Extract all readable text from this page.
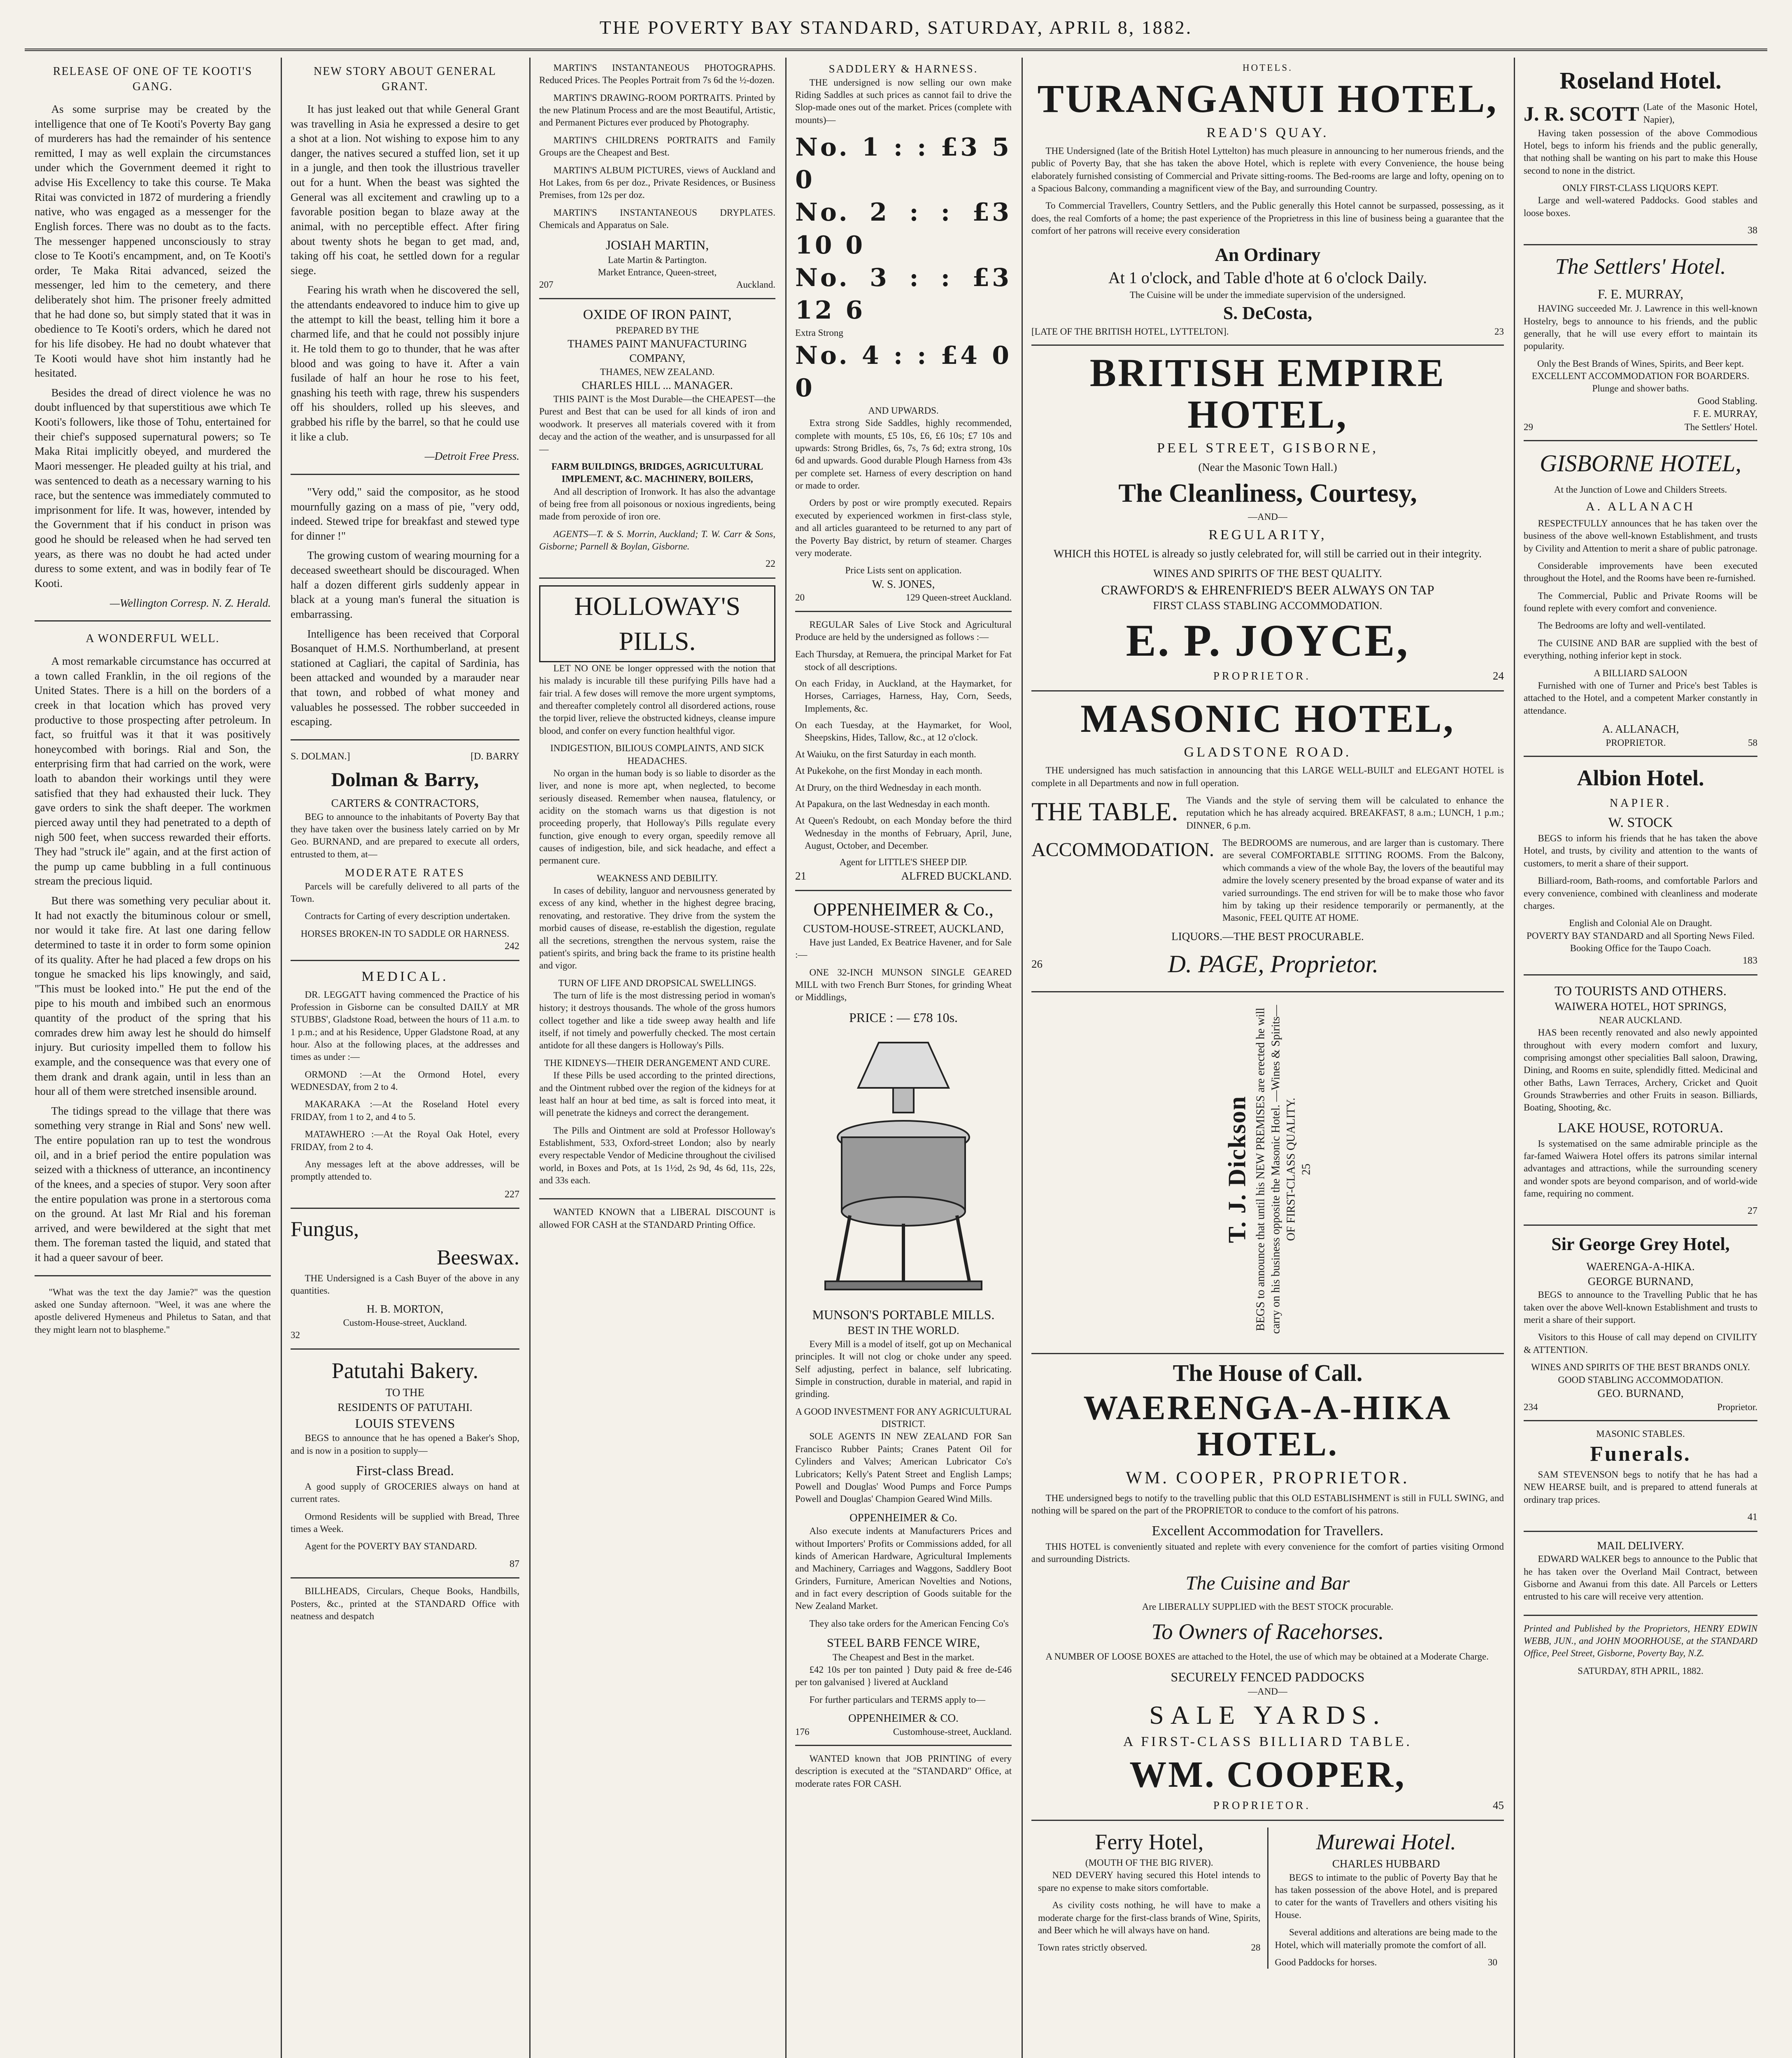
THE POVERTY BAY STANDARD, SATURDAY, APRIL 8, 1882.
RELEASE OF ONE OF TE KOOTI'S GANG.

As some surprise may be created by the intelligence that one of Te Kooti's Poverty Bay gang of murderers has had the remainder of his sentence remitted, I may as well explain the circumstances under which the Government deemed it right to advise His Excellency to take this course. Te Maka Ritai was convicted in 1872 of murdering a friendly native, who was engaged as a messenger for the English forces. There was no doubt as to the facts. The messenger happened unconsciously to stray close to Te Kooti's encampment, and, on Te Kooti's order, Te Maka Ritai advanced, seized the messenger, led him to the cemetery, and there deliberately shot him. The prisoner freely admitted that he had done so, but simply stated that it was in obedience to Te Kooti's orders, which he dared not for his life disobey. He had no doubt whatever that Te Kooti would have shot him instantly had he hesitated.

Besides the dread of direct violence he was no doubt influenced by that superstitious awe which Te Kooti's followers, like those of Tohu, entertained for their chief's supposed supernatural powers; so Te Maka Ritai implicitly obeyed, and murdered the Maori messenger. He pleaded guilty at his trial, and was sentenced to death as a necessary warning to his race, but the sentence was immediately commuted to imprisonment for life. It was, however, intended by the Government that if his conduct in prison was good he should be released when he had served ten years, as there was no doubt he had acted under duress to some extent, and was in bodily fear of Te Kooti.

—Wellington Corresp. N. Z. Herald.
A WONDERFUL WELL.

A most remarkable circumstance has occurred at a town called Franklin, in the oil regions of the United States. There is a hill on the borders of a creek in that location which has proved very productive to those prospecting after petroleum. In fact, so fruitful was it that it was positively honeycombed with borings. Rial and Son, the enterprising firm that had carried on the work, were loath to abandon their workings until they were satisfied that they had exhausted their luck. They gave orders to sink the shaft deeper. The workmen pierced away until they had penetrated to a depth of nigh 500 feet, when success rewarded their efforts. They had "struck ile" again, and at the first action of the pump up came bubbling in a full continuous stream the precious liquid.

But there was something very peculiar about it. It had not exactly the bituminous colour or smell, nor would it take fire. At last one daring fellow determined to taste it in order to form some opinion of its quality. After he had placed a few drops on his tongue he smacked his lips knowingly, and said, "This must be looked into." He put the end of the pipe to his mouth and imbibed such an enormous quantity of the product of the spring that his comrades drew him away lest he should do himself injury. But curiosity impelled them to follow his example, and the consequence was that every one of them drank and drank again, until in less than an hour all of them were stretched insensible around.

The tidings spread to the village that there was something very strange in Rial and Sons' new well. The entire population ran up to test the wondrous oil, and in a brief period the entire population was seized with a thickness of utterance, an incontinency of the knees, and a species of stupor. Very soon after the entire population was prone in a stertorous coma on the ground. At last Mr Rial and his foreman arrived, and were bewildered at the sight that met them. The foreman tasted the liquid, and stated that it had a queer savour of beer.

"What was the text the day Jamie?" was the question asked one Sunday afternoon. "Weel, it was ane where the apostle delivered Hymeneus and Philetus to Satan, and that they might learn not to blaspheme."

NEW STORY ABOUT GENERAL GRANT.

It has just leaked out that while General Grant was travelling in Asia he expressed a desire to get a shot at a lion. Not wishing to expose him to any danger, the natives secured a stuffed lion, set it up in a jungle, and then took the illustrious traveller out for a hunt. When the beast was sighted the General was all excitement and crawling up to a favorable position began to blaze away at the animal, with no perceptible effect. After firing about twenty shots he began to get mad, and, taking off his coat, he settled down for a regular siege.

Fearing his wrath when he discovered the sell, the attendants endeavored to induce him to give up the attempt to kill the beast, telling him it bore a charmed life, and that he could not possibly injure it. He told them to go to thunder, that he was after blood and was going to have it. After a vain fusilade of half an hour he rose to his feet, gnashing his teeth with rage, threw his suspenders off his shoulders, rolled up his sleeves, and grabbed his rifle by the barrel, so that he could use it like a club.

—Detroit Free Press.

"Very odd," said the compositor, as he stood mournfully gazing on a mass of pie, "very odd, indeed. Stewed tripe for breakfast and stewed type for dinner !"

The growing custom of wearing mourning for a deceased sweetheart should be discouraged. When half a dozen different girls suddenly appear in black at a young man's funeral the situation is embarrassing.

Intelligence has been received that Corporal Bosanquet of H.M.S. Northumberland, at present stationed at Cagliari, the capital of Sardinia, has been attacked and wounded by a marauder near that town, and robbed of what money and valuables he possessed. The robber succeeded in escaping.

S. DOLMAN.]	[D. BARRY
Dolman & Barry,
CARTERS & CONTRACTORS,

BEG to announce to the inhabitants of Poverty Bay that they have taken over the business lately carried on by Mr Geo. BURNAND, and are prepared to execute all orders, entrusted to them, at—

MODERATE RATES

Parcels will be carefully delivered to all parts of the Town.

Contracts for Carting of every description undertaken.

HORSES BROKEN-IN TO SADDLE OR HARNESS.
242
MEDICAL.

DR. LEGGATT having commenced the Practice of his Profession in Gisborne can be consulted DAILY at MR STUBBS', Gladstone Road, between the hours of 11 a.m. to 1 p.m.; and at his Residence, Upper Gladstone Road, at any hour. Also at the following places, at the addresses and times as under :—

ORMOND :—At the Ormond Hotel, every WEDNESDAY, from 2 to 4.

MAKARAKA :—At the Roseland Hotel every FRIDAY, from 1 to 2, and 4 to 5.

MATAWHERO :—At the Royal Oak Hotel, every FRIDAY, from 2 to 4.

Any messages left at the above addresses, will be promptly attended to.

227
Fungus,
Beeswax.

THE Undersigned is a Cash Buyer of the above in any quantities.

H. B. MORTON,
Custom-House-street, Auckland.
32
Patutahi Bakery.
TO THE
RESIDENTS OF PATUTAHI.
LOUIS STEVENS

BEGS to announce that he has opened a Baker's Shop, and is now in a position to supply—

First-class Bread.

A good supply of GROCERIES always on hand at current rates.

Ormond Residents will be supplied with Bread, Three times a Week.

Agent for the POVERTY BAY STANDARD.

87

BILLHEADS, Circulars, Cheque Books, Handbills, Posters, &c., printed at the STANDARD Office with neatness and despatch

MARTIN'S INSTANTANEOUS PHOTOGRAPHS. Reduced Prices. The Peoples Portrait from 7s 6d the ½-dozen.

MARTIN'S DRAWING-ROOM PORTRAITS. Printed by the new Platinum Process and are the most Beautiful, Artistic, and Permanent Pictures ever produced by Photography.

MARTIN'S CHILDRENS PORTRAITS and Family Groups are the Cheapest and Best.

MARTIN'S ALBUM PICTURES, views of Auckland and Hot Lakes, from 6s per doz., Private Residences, or Business Premises, from 12s per doz.

MARTIN'S INSTANTANEOUS DRYPLATES. Chemicals and Apparatus on Sale.

JOSIAH MARTIN,
Late Martin & Partington.
Market Entrance, Queen-street,
207	Auckland.
OXIDE OF IRON PAINT,
PREPARED BY THE
THAMES PAINT MANUFACTURING COMPANY,
THAMES, NEW ZEALAND.
CHARLES HILL ... MANAGER.

THIS PAINT is the Most Durable—the CHEAPEST—the Purest and Best that can be used for all kinds of iron and woodwork. It preserves all materials covered with it from decay and the action of the weather, and is unsurpassed for all—

FARM BUILDINGS, BRIDGES, AGRICULTURAL IMPLEMENT, &C. MACHINERY, BOILERS,

And all description of Ironwork. It has also the advantage of being free from all poisonous or noxious ingredients, being made from peroxide of iron ore.

AGENTS—T. & S. Morrin, Auckland; T. W. Carr & Sons, Gisborne; Parnell & Boylan, Gisborne.

22
HOLLOWAY'S PILLS.

LET NO ONE be longer oppressed with the notion that his malady is incurable till these purifying Pills have had a fair trial. A few doses will remove the more urgent symptoms, and thereafter completely control all disordered actions, rouse the torpid liver, relieve the obstructed kidneys, cleanse impure blood, and confer on every function healthful vigor.

INDIGESTION, BILIOUS COMPLAINTS, AND SICK HEADACHES.

No organ in the human body is so liable to disorder as the liver, and none is more apt, when neglected, to become seriously diseased. Remember when nausea, flatulency, or acidity on the stomach warns us that digestion is not proceeding properly, that Holloway's Pills regulate every function, give enough to every organ, speedily remove all causes of indigestion, bile, and sick headache, and effect a permanent cure.

WEAKNESS AND DEBILITY.

In cases of debility, languor and nervousness generated by excess of any kind, whether in the highest degree bracing, renovating, and restorative. They drive from the system the morbid causes of disease, re-establish the digestion, regulate all the secretions, strengthen the nervous system, raise the patient's spirits, and bring back the frame to its pristine health and vigor.

TURN OF LIFE AND DROPSICAL SWELLINGS.

The turn of life is the most distressing period in woman's history; it destroys thousands. The whole of the gross humors collect together and like a tide sweep away health and life itself, if not timely and powerfully checked. The most certain antidote for all these dangers is Holloway's Pills.

THE KIDNEYS—THEIR DERANGEMENT AND CURE.

If these Pills be used according to the printed directions, and the Ointment rubbed over the region of the kidneys for at least half an hour at bed time, as salt is forced into meat, it will penetrate the kidneys and correct the derangement.

The Pills and Ointment are sold at Professor Holloway's Establishment, 533, Oxford-street London; also by nearly every respectable Vendor of Medicine throughout the civilised world, in Boxes and Pots, at 1s 1½d, 2s 9d, 4s 6d, 11s, 22s, and 33s each.

WANTED KNOWN that a LIBERAL DISCOUNT is allowed FOR CASH at the STANDARD Printing Office.

SADDLERY & HARNESS.

THE undersigned is now selling our own make Riding Saddles at such prices as cannot fail to drive the Slop-made ones out of the market. Prices (complete with mounts)—

No. 1 : : £3 5 0
No. 2 : : £3 10 0
No. 3 : : £3 12 6
Extra Strong
No. 4 : : £4 0 0
AND UPWARDS.

Extra strong Side Saddles, highly recommended, complete with mounts, £5 10s, £6, £6 10s; £7 10s and upwards: Strong Bridles, 6s, 7s, 7s 6d; extra strong, 10s 6d and upwards. Good durable Plough Harness from 43s per complete set. Harness of every description on hand or made to order.

Orders by post or wire promptly executed. Repairs executed by experienced workmen in first-class style, and all articles guaranteed to be returned to any part of the Poverty Bay district, by return of steamer. Charges very moderate.

Price Lists sent on application.
W. S. JONES,
20	129 Queen-street Auckland.

REGULAR Sales of Live Stock and Agricultural Produce are held by the undersigned as follows :—

Each Thursday, at Remuera, the principal Market for Fat stock of all descriptions.
On each Friday, in Auckland, at the Haymarket, for Horses, Carriages, Harness, Hay, Corn, Seeds, Implements, &c.
On each Tuesday, at the Haymarket, for Wool, Sheepskins, Hides, Tallow, &c., at 12 o'clock.
At Waiuku, on the first Saturday in each month.
At Pukekohe, on the first Monday in each month.
At Drury, on the third Wednesday in each month.
At Papakura, on the last Wednesday in each month.
At Queen's Redoubt, on each Monday before the third Wednesday in the months of February, April, June, August, October, and December.
Agent for LITTLE'S SHEEP DIP.
21	ALFRED BUCKLAND.
OPPENHEIMER & Co.,
CUSTOM-HOUSE-STREET, AUCKLAND,

Have just Landed, Ex Beatrice Havener, and for Sale :—

ONE 32-INCH MUNSON SINGLE GEARED MILL with two French Burr Stones, for grinding Wheat or Middlings,

PRICE : — £78 10s.
MUNSON'S PORTABLE MILLS.
BEST IN THE WORLD.

Every Mill is a model of itself, got up on Mechanical principles. It will not clog or choke under any speed. Self adjusting, perfect in balance, self lubricating. Simple in construction, durable in material, and rapid in grinding.

A GOOD INVESTMENT FOR ANY AGRICULTURAL DISTRICT.

SOLE AGENTS IN NEW ZEALAND FOR San Francisco Rubber Paints; Cranes Patent Oil for Cylinders and Valves; American Lubricator Co's Lubricators; Kelly's Patent Street and English Lamps; Powell and Douglas' Wood Pumps and Force Pumps Powell and Douglas' Champion Geared Wind Mills.

OPPENHEIMER & Co.

Also execute indents at Manufacturers Prices and without Importers' Profits or Commissions added, for all kinds of American Hardware, Agricultural Implements and Machinery, Carriages and Waggons, Saddlery Boot Grinders, Furniture, American Novelties and Notions, and in fact every description of Goods suitable for the New Zealand Market.

They also take orders for the American Fencing Co's

STEEL BARB FENCE WIRE,
The Cheapest and Best in the market.

£42 10s per ton painted } Duty paid & free de-£46 per ton galvanised } livered at Auckland

For further particulars and TERMS apply to—

OPPENHEIMER & CO.
176	Customhouse-street, Auckland.

WANTED known that JOB PRINTING of every description is executed at the "STANDARD" Office, at moderate rates FOR CASH.

HOTELS.
TURANGANUI HOTEL,
READ'S QUAY.

THE Undersigned (late of the British Hotel Lyttelton) has much pleasure in announcing to her numerous friends, and the public of Poverty Bay, that she has taken the above Hotel, which is replete with every Convenience, the house being elaborately furnished consisting of Commercial and Private sitting-rooms. The Bed-rooms are large and lofty, opening on to a Spacious Balcony, commanding a magnificent view of the Bay, and surrounding Country.

To Commercial Travellers, Country Settlers, and the Public generally this Hotel cannot be surpassed, possessing, as it does, the real Comforts of a home; the past experience of the Proprietress in this line of business being a guarantee that the comfort of her patrons will receive every consideration

An Ordinary
At 1 o'clock, and Table d'hote at 6 o'clock Daily.
The Cuisine will be under the immediate supervision of the undersigned.
S. DeCosta,
[LATE OF THE BRITISH HOTEL, LYTTELTON].	23
BRITISH EMPIRE HOTEL,
PEEL STREET, GISBORNE,
(Near the Masonic Town Hall.)
The Cleanliness, Courtesy,
—AND—
REGULARITY,

WHICH this HOTEL is already so justly celebrated for, will still be carried out in their integrity.

WINES AND SPIRITS OF THE BEST QUALITY.
CRAWFORD'S & EHRENFRIED'S BEER ALWAYS ON TAP
FIRST CLASS STABLING ACCOMMODATION.
E. P. JOYCE,
PROPRIETOR.	24
MASONIC HOTEL,
GLADSTONE ROAD.

THE undersigned has much satisfaction in announcing that this LARGE WELL-BUILT and ELEGANT HOTEL is complete in all Departments and now in full operation.

THE TABLE. The Viands and the style of serving them will be calculated to enhance the reputation which he has already acquired. BREAKFAST, 8 a.m.; LUNCH, 1 p.m.; DINNER, 6 p.m.

ACCOMMODATION. The BEDROOMS are numerous, and are larger than is customary. There are several COMFORTABLE SITTING ROOMS. From the Balcony, which commands a view of the whole Bay, the lovers of the beautiful may admire the lovely scenery presented by the broad expanse of water and its varied surroundings. The end striven for will be to make those who favor him by taking up their residence temporarily or permanently, at the Masonic, FEEL QUITE AT HOME.

LIQUORS.—THE BEST PROCURABLE.
26	D. PAGE, Proprietor.
T. J. Dickson BEGS to announce that until his NEW PREMISES are erected he will carry on his business opposite the Masonic Hotel. —Wines & Spirits— OF FIRST-CLASS QUALITY. 25
The House of Call.
WAERENGA-A-HIKA HOTEL.
WM. COOPER, PROPRIETOR.

THE undersigned begs to notify to the travelling public that this OLD ESTABLISHMENT is still in FULL SWING, and nothing will be spared on the part of the PROPRIETOR to conduce to the comfort of his patrons.

Excellent Accommodation for Travellers.

THIS HOTEL is conveniently situated and replete with every convenience for the comfort of parties visiting Ormond and surrounding Districts.

The Cuisine and Bar
Are LIBERALLY SUPPLIED with the BEST STOCK procurable.
To Owners of Racehorses.

A NUMBER OF LOOSE BOXES are attached to the Hotel, the use of which may be obtained at a Moderate Charge.

SECURELY FENCED PADDOCKS
—AND—
SALE YARDS.
A FIRST-CLASS BILLIARD TABLE.
WM. COOPER,
PROPRIETOR.	45
Ferry Hotel,
(MOUTH OF THE BIG RIVER).

NED DEVERY having secured this Hotel intends to spare no expense to make sitors comfortable.

As civility costs nothing, he will have to make a moderate charge for the first-class brands of Wine, Spirits, and Beer which he will always have on hand.

Town rates strictly observed.	28
Murewai Hotel.
CHARLES HUBBARD

BEGS to intimate to the public of Poverty Bay that he has taken possession of the above Hotel, and is prepared to cater for the wants of Travellers and others visiting his House.

Several additions and alterations are being made to the Hotel, which will materially promote the comfort of all.

Good Paddocks for horses.	30
Roseland Hotel.
J. R. SCOTT (Late of the Masonic Hotel, Napier),

Having taken possession of the above Commodious Hotel, begs to inform his friends and the public generally, that nothing shall be wanting on his part to make this House second to none in the district.

ONLY FIRST-CLASS LIQUORS KEPT.

Large and well-watered Paddocks. Good stables and loose boxes.

38
The Settlers' Hotel.
F. E. MURRAY,

HAVING succeeded Mr. J. Lawrence in this well-known Hostelry, begs to announce to his friends, and the public generally, that he will use every effort to maintain its popularity.

Only the Best Brands of Wines, Spirits, and Beer kept.
EXCELLENT ACCOMMODATION FOR BOARDERS.
Plunge and shower baths.
Good Stabling.
F. E. MURRAY,
29	The Settlers' Hotel.
GISBORNE HOTEL,
At the Junction of Lowe and Childers Streets.
A. ALLANACH

RESPECTFULLY announces that he has taken over the business of the above well-known Establishment, and trusts by Civility and Attention to merit a share of public patronage.

Considerable improvements have been executed throughout the Hotel, and the Rooms have been re-furnished.

The Commercial, Public and Private Rooms will be found replete with every comfort and convenience.

The Bedrooms are lofty and well-ventilated.

The CUISINE AND BAR are supplied with the best of everything, nothing inferior kept in stock.

A BILLIARD SALOON

Furnished with one of Turner and Price's best Tables is attached to the Hotel, and a competent Marker constantly in attendance.

A. ALLANACH,
PROPRIETOR.	58
Albion Hotel.
NAPIER.
W. STOCK

BEGS to inform his friends that he has taken the above Hotel, and trusts, by civility and attention to the wants of customers, to merit a share of their support.

Billiard-room, Bath-rooms, and comfortable Parlors and every convenience, combined with cleanliness and moderate charges.

English and Colonial Ale on Draught.
POVERTY BAY STANDARD and all Sporting News Filed.
Booking Office for the Taupo Coach.
183
TO TOURISTS AND OTHERS.
WAIWERA HOTEL, HOT SPRINGS,
NEAR AUCKLAND.

HAS been recently renovated and also newly appointed throughout with every modern comfort and luxury, comprising amongst other specialities Ball saloon, Drawing, Dining, and Rooms en suite, splendidly fitted. Medicinal and other Baths, Lawn Terraces, Archery, Cricket and Quoit Grounds Strawberries and other Fruits in season. Billiards, Boating, Shooting, &c.

LAKE HOUSE, ROTORUA.

Is systematised on the same admirable principle as the far-famed Waiwera Hotel offers its patrons similar internal advantages and attractions, while the surrounding scenery and wonder spots are beyond comparison, and of world-wide fame, requiring no comment.

27
Sir George Grey Hotel,
WAERENGA-A-HIKA.
GEORGE BURNAND,

BEGS to announce to the Travelling Public that he has taken over the above Well-known Establishment and trusts to merit a share of their support.

Visitors to this House of call may depend on CIVILITY & ATTENTION.

WINES AND SPIRITS OF THE BEST BRANDS ONLY.
GOOD STABLING ACCOMMODATION.
GEO. BURNAND,
234	Proprietor.
MASONIC STABLES.
Funerals.

SAM STEVENSON begs to notify that he has had a NEW HEARSE built, and is prepared to attend funerals at ordinary trap prices.

41
MAIL DELIVERY.

EDWARD WALKER begs to announce to the Public that he has taken over the Overland Mail Contract, between Gisborne and Awanui from this date. All Parcels or Letters entrusted to his care will receive very attention.

Printed and Published by the Proprietors, HENRY EDWIN WEBB, JUN., and JOHN MOORHOUSE, at the STANDARD Office, Peel Street, Gisborne, Poverty Bay, N.Z.

SATURDAY, 8TH APRIL, 1882.
